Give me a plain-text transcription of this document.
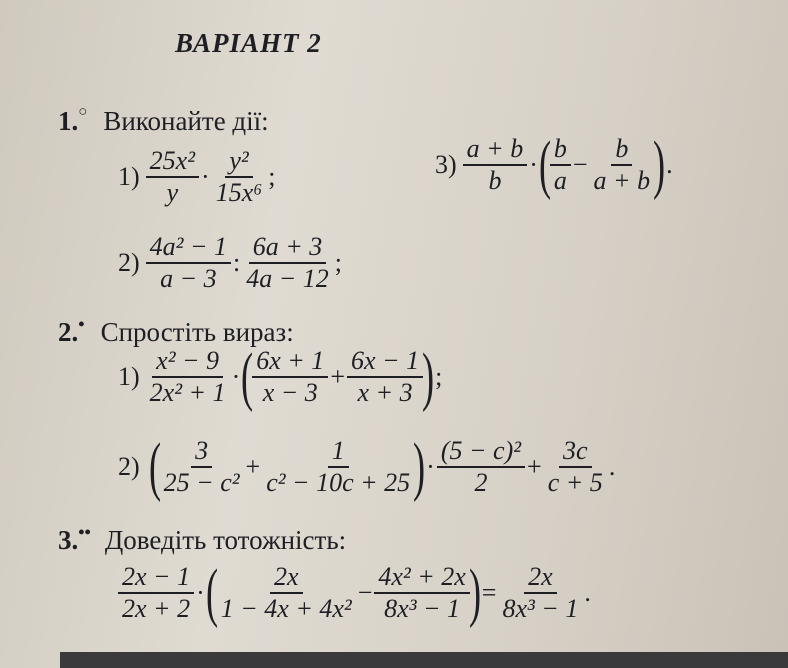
ВАРІАНТ 2
1.○ Виконайте дії:
$1) \frac{\text{25x²}}{y} \cdot \frac{\text{y²}}{\text{15x⁶}}$ ;	$3) \frac{a + b}{b}$ · (
$\frac{b}{a} - \frac{b}{a + b}$
) .
$2) \frac{\text{4a² − 1}}{a - 3}$ : $\frac{6a + 3}{4a - 12}$ ;
2.• Спростіть вираз:
$1) \frac{\text{x² − 9}}{\text{2x² + 1}}$ · (
$\frac{6x + 1}{x - 3} + \frac{6x - 1}{x + 3}$
) ;
2) (
$\frac{3}{\text{25 − c²}} + \frac{1}{\text{c² − 10c + 25}}$
) · $\frac{\text{(5 − c)²}}{2} + \frac{3c}{c + 5}$ .
3.•• Доведіть тотожність:
$\frac{2x - 1}{2x + 2}$ · (
$\frac{2x}{\text{1 − 4x + 4x²}} - \frac{\text{4x² + 2x}}{\text{8x³ − 1}}$
) = $\frac{2x}{\text{8x³ − 1}}$ .
